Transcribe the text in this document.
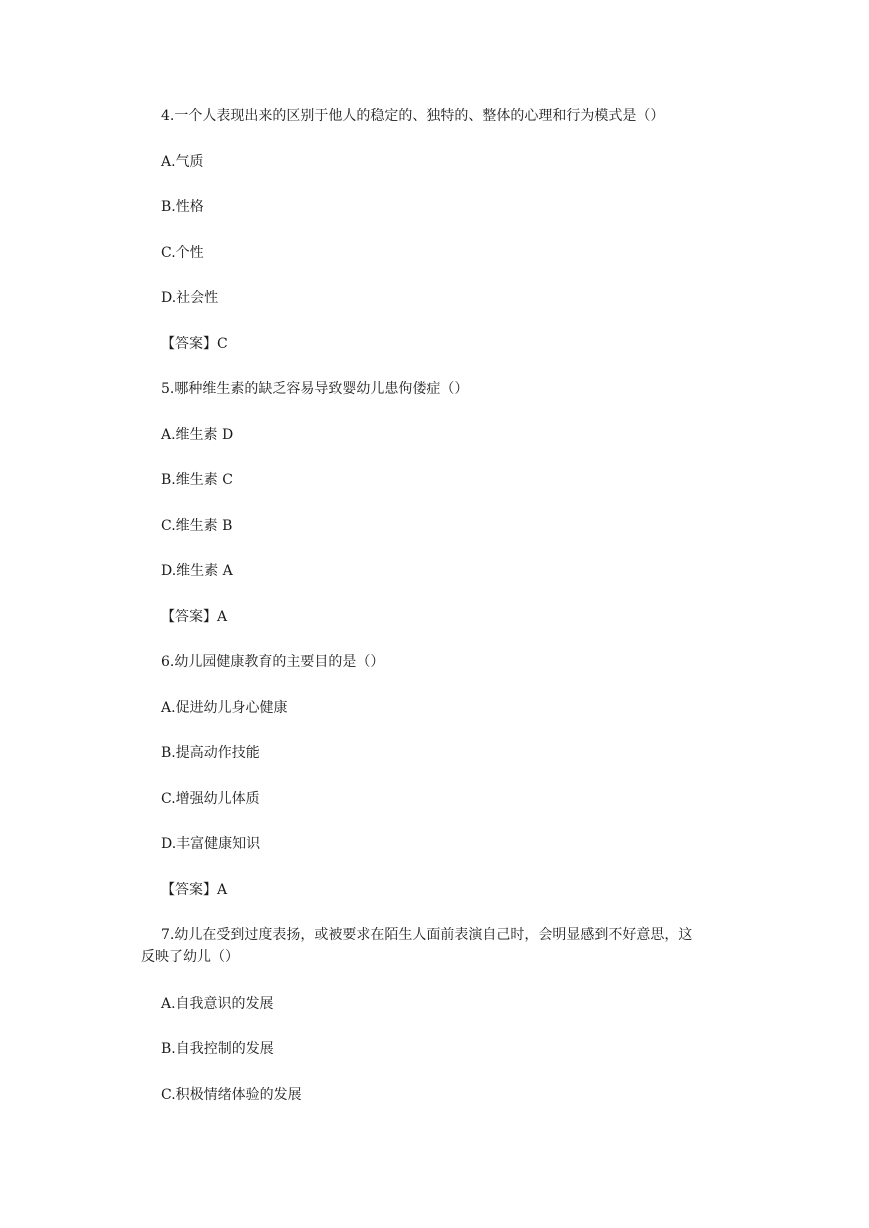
4.一个人表现出来的区别于他人的稳定的、独特的、整体的心理和行为模式是（）
A.气质
B.性格
C.个性
D.社会性
【答案】C
5.哪种维生素的缺乏容易导致婴幼儿患佝偻症（）
A.维生素 D
B.维生素 C
C.维生素 B
D.维生素 A
【答案】A
6.幼儿园健康教育的主要目的是（）
A.促进幼儿身心健康
B.提高动作技能
C.增强幼儿体质
D.丰富健康知识
【答案】A
7.幼儿在受到过度表扬，或被要求在陌生人面前表演自己时，会明显感到不好意思，这
反映了幼儿（）
A.自我意识的发展
B.自我控制的发展
C.积极情绪体验的发展
